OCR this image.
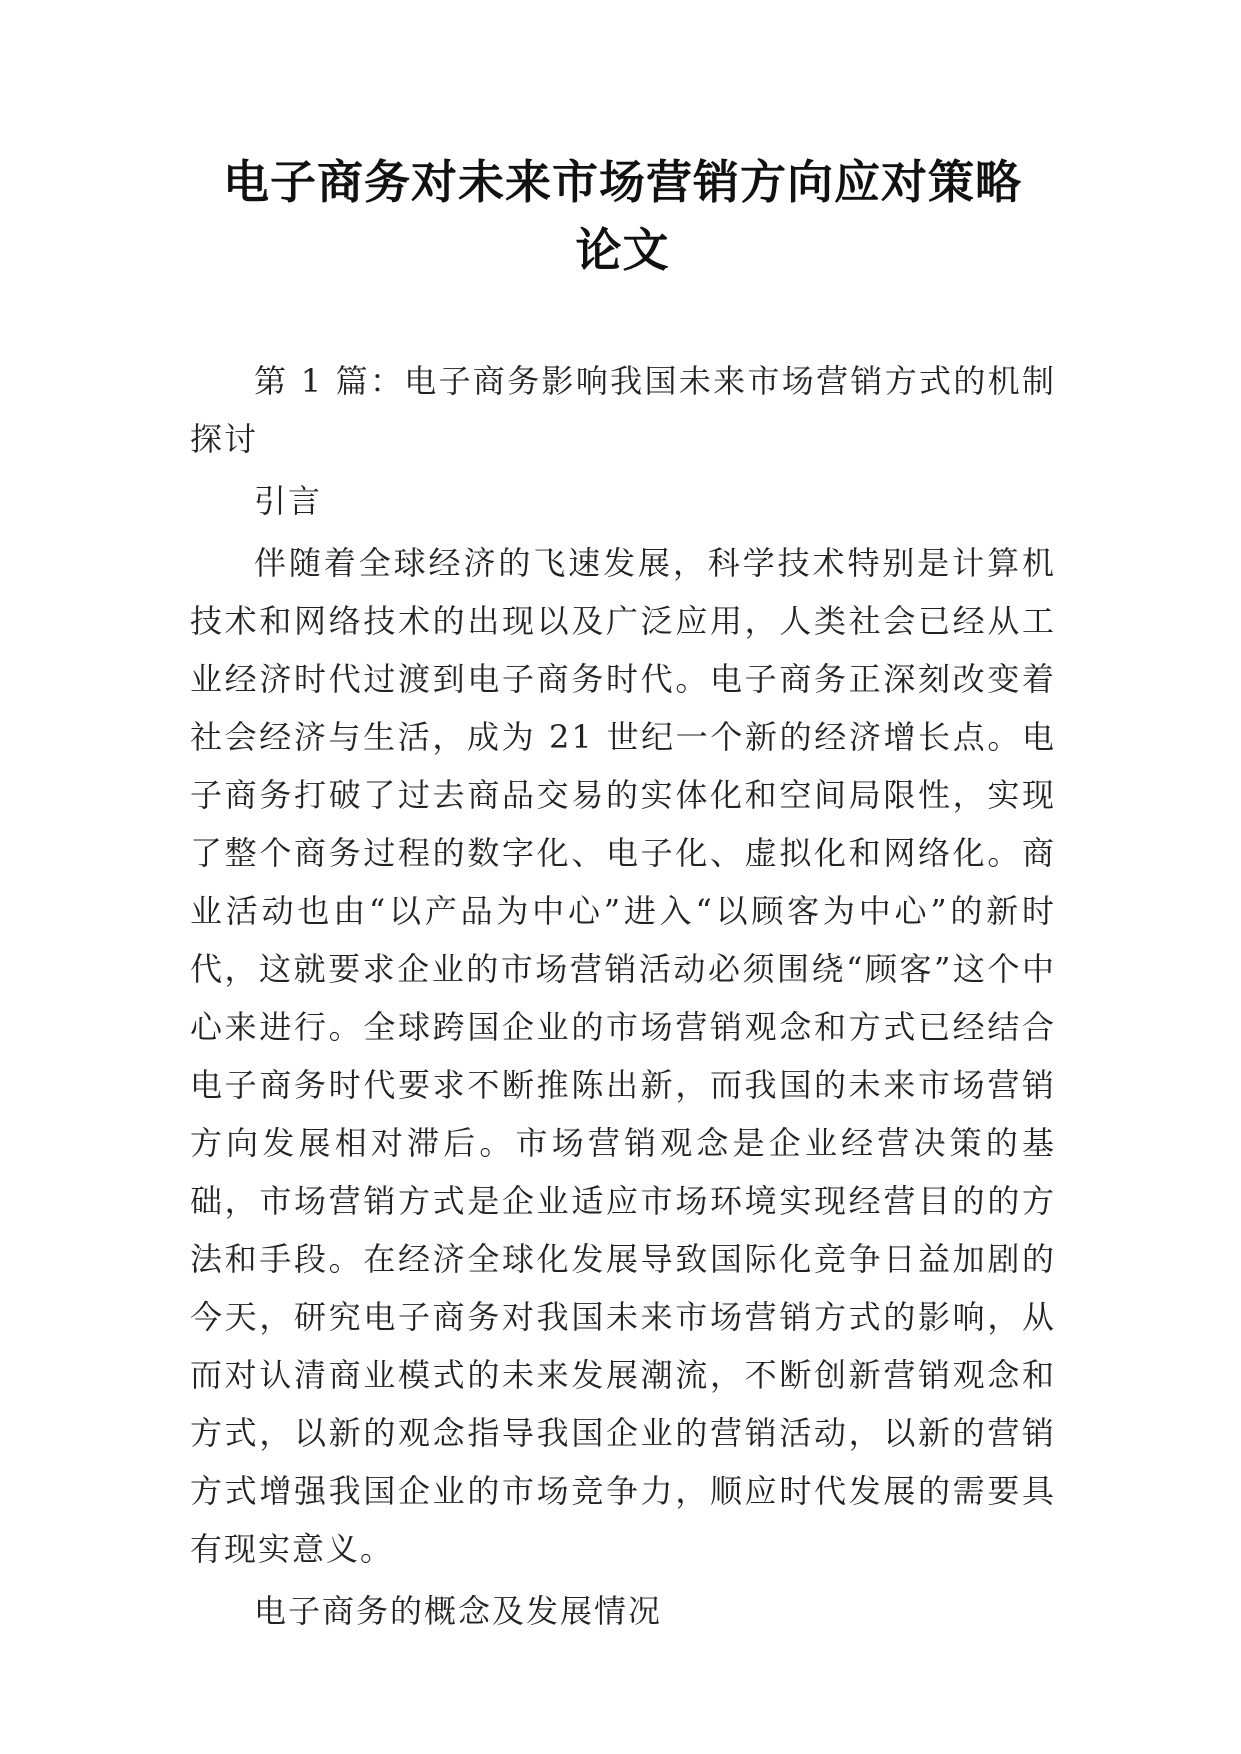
电子商务对未来市场营销方向应对策略论文

第 1 篇：电子商务影响我国未来市场营销方式的机制探讨

引言

伴随着全球经济的飞速发展，科学技术特别是计算机技术和网络技术的出现以及广泛应用，人类社会已经从工业经济时代过渡到电子商务时代。电子商务正深刻改变着社会经济与生活，成为 21 世纪一个新的经济增长点。电子商务打破了过去商品交易的实体化和空间局限性，实现了整个商务过程的数字化、电子化、虚拟化和网络化。商业活动也由“以产品为中心”进入“以顾客为中心”的新时代，这就要求企业的市场营销活动必须围绕“顾客”这个中心来进行。全球跨国企业的市场营销观念和方式已经结合电子商务时代要求不断推陈出新，而我国的未来市场营销方向发展相对滞后。市场营销观念是企业经营决策的基础，市场营销方式是企业适应市场环境实现经营目的的方法和手段。在经济全球化发展导致国际化竞争日益加剧的今天，研究电子商务对我国未来市场营销方式的影响，从而对认清商业模式的未来发展潮流，不断创新营销观念和方式，以新的观念指导我国企业的营销活动，以新的营销方式增强我国企业的市场竞争力，顺应时代发展的需要具有现实意义。

电子商务的概念及发展情况
